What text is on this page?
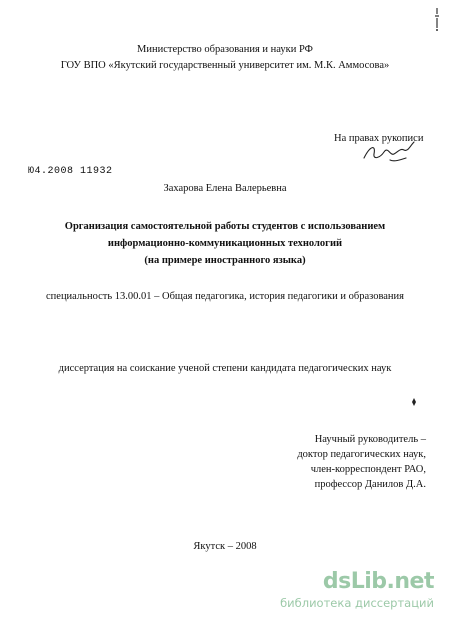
Министерство образования и науки РФ
ГОУ ВПО «Якутский государственный университет им. М.К. Аммосова»
На правах рукописи
Ю4.2008 11932
Захарова Елена Валерьевна
Организация самостоятельной работы студентов с использованием
информационно-коммуникационных технологий
(на примере иностранного языка)
специальность 13.00.01 – Общая педагогика, история педагогики и образования
диссертация на соискание ученой степени кандидата педагогических наук
Научный руководитель –
доктор педагогических наук,
член-корреспондент РАО,
профессор Данилов Д.А.
Якутск – 2008
dsLib.net
библиотека диссертаций
